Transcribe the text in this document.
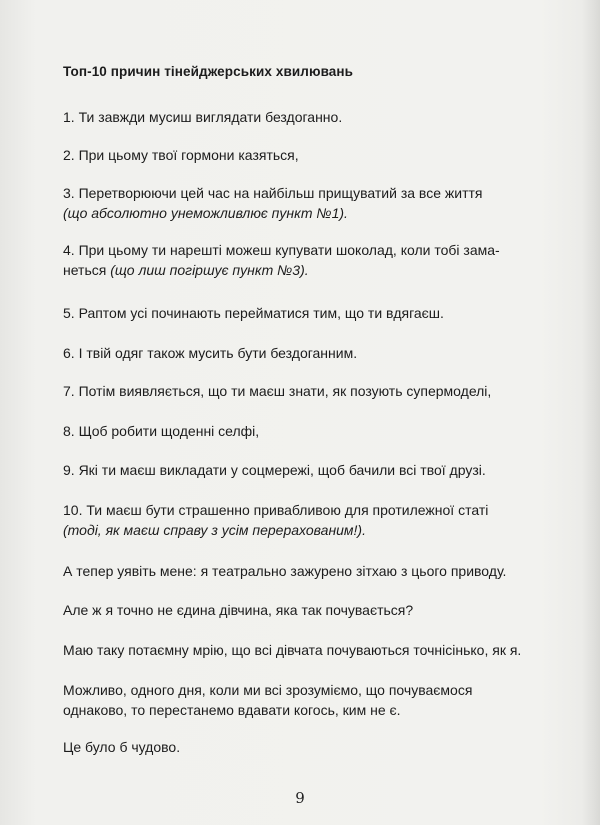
Топ-10 причин тінейджерських хвилювань

1. Ти завжди мусиш виглядати бездоганно.

2. При цьому твої гормони казяться,

3. Перетворюючи цей час на найбільш прищуватий за все життя
(що абсолютно унеможливлює пункт №1).

4. При цьому ти нарешті можеш купувати шоколад, коли тобі зама-
неться (що лиш погіршує пункт №3).

5. Раптом усі починають перейматися тим, що ти вдягаєш.

6. І твій одяг також мусить бути бездоганним.

7. Потім виявляється, що ти маєш знати, як позують супермоделі,

8. Щоб робити щоденні селфі,

9. Які ти маєш викладати у соцмережі, щоб бачили всі твої друзі.

10. Ти маєш бути страшенно привабливою для протилежної статі
(тоді, як маєш справу з усім перерахованим!).

А тепер уявіть мене: я театрально зажурено зітхаю з цього приводу.

Але ж я точно не єдина дівчина, яка так почувається?

Маю таку потаємну мрію, що всі дівчата почуваються точнісінько, як я.

Можливо, одного дня, коли ми всі зрозуміємо, що почуваємося
однаково, то перестанемо вдавати когось, ким не є.

Це було б чудово.

9
